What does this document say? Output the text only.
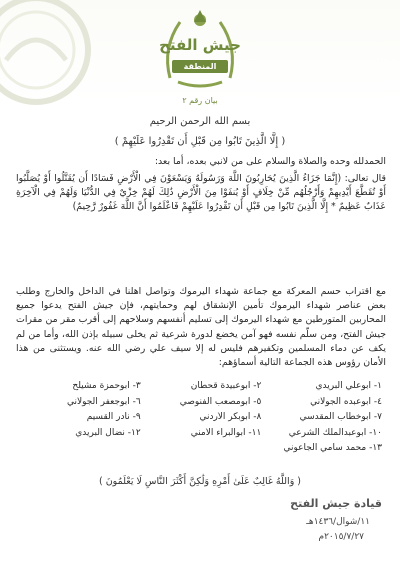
جيش الفتح
المنطقة الجنوبية
بيان رقم ٢
بسم الله الرحمن الرحيم
( إِلَّا الَّذِينَ تَابُوا مِن قَبْلِ أَن تَقْدِرُوا عَلَيْهِمْ )
الحمدلله وحده والصلاة والسلام على من لانبي بعده، أما بعد:
قال تعالى: (إِنَّمَا جَزَاءُ الَّذِينَ يُحَارِبُونَ اللَّهَ وَرَسُولَهُ وَيَسْعَوْنَ فِي الْأَرْضِ فَسَادًا أَن يُقَتَّلُوا أَوْ يُصَلَّبُوا أَوْ تُقَطَّعَ أَيْدِيهِمْ وَأَرْجُلُهُم مِّنْ خِلَافٍ أَوْ يُنفَوْا مِنَ الْأَرْضِ ذَٰلِكَ لَهُمْ خِزْيٌ فِي الدُّنْيَا وَلَهُمْ فِي الْآخِرَةِ عَذَابٌ عَظِيمٌ * إِلَّا الَّذِينَ تَابُوا مِن قَبْلِ أَن تَقْدِرُوا عَلَيْهِمْ فَاعْلَمُوا أَنَّ اللَّهَ غَفُورٌ رَّحِيمٌ)
مع اقتراب حسم المعركة مع جماعة شهداء اليرموك وتواصل اهلنا في الداخل والخارج وطلب بعض عناصر شهداء اليرموك تأمين الإنشقاق لهم وحمايتهم، فإن جيش الفتح يدعوا جميع المحاربين المتورطين مع شهداء اليرموك إلى تسليم أنفسهم وسلاحهم إلى أقرب مقر من مقرات جيش الفتح، ومن سلّم نفسه فهو آمن يخضع لدورة شرعية ثم يخلى سبيله بإذن الله، وأما من لم يكف عن دماء المسلمين وتكفيرهم فليس له إلا سيف علي رضي الله عنه. ويستثنى من هذا الأمان رؤوس هذه الجماعة التالية أسماؤهم:
١- ابوعلي البريدي
٢- أبوعبيدة قحطان
٣- ابوحمزة مشيلح
٤- ابوعبده الجولاني
٥- ابومصعب الفنوصي
٦- ابوجعفر الجولاني
٧- ابوخطاب المقدسي
٨- ابوبكر الأردني
٩- نادر القسيم
١٠- ابوعبدالملك الشرعي
١١- ابوالبراء الأمني
١٢- نضال البريدي
١٣- محمد سامي الجاعوني
( وَاللَّهُ غَالِبٌ عَلَىٰ أَمْرِهِ وَلَٰكِنَّ أَكْثَرَ النَّاسِ لَا يَعْلَمُونَ )
قيادة جيش الفتح
١١/شوال/١٤٣٦هـ
٢٠١٥/٧/٢٧م
